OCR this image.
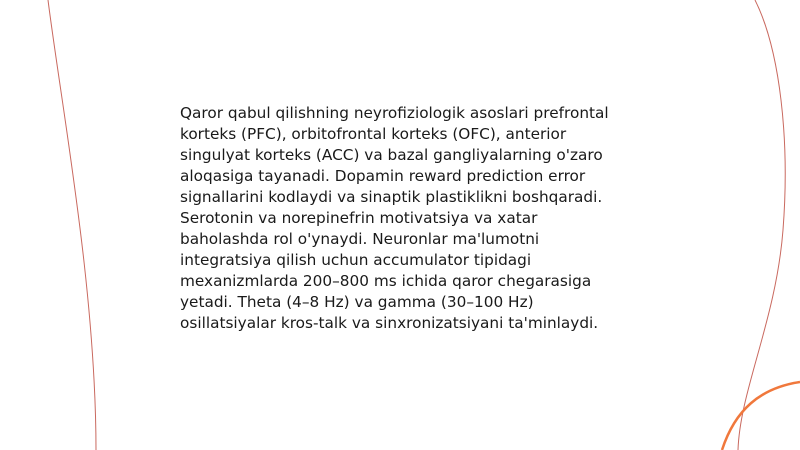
Qaror qabul qilishning neyrofiziologik asoslari prefrontal korteks (PFC), orbitofrontal korteks (OFC), anterior singulyat korteks (ACC) va bazal gangliyalarning o'zaro aloqasiga tayanadi. Dopamin reward prediction error signallarini kodlaydi va sinaptik plastiklikni boshqaradi. Serotonin va norepinefrin motivatsiya va xatar baholashda rol o'ynaydi. Neuronlar ma'lumotni integratsiya qilish uchun accumulator tipidagi mexanizmlarda 200–800 ms ichida qaror chegarasiga yetadi. Theta (4–8 Hz) va gamma (30–100 Hz) osillatsiyalar kros-talk va sinxronizatsiyani ta'minlaydi.
